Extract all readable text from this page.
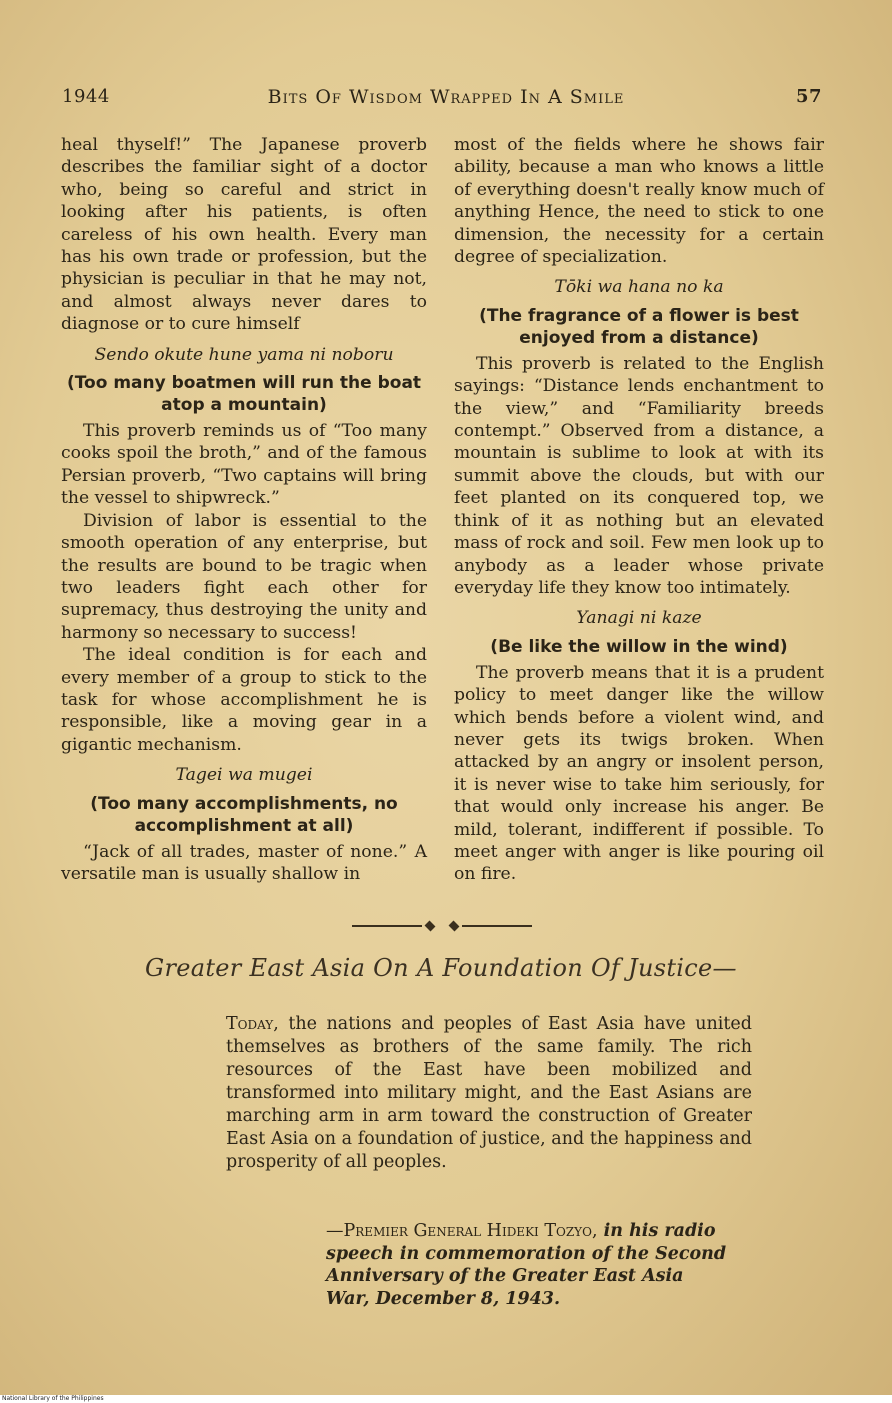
1944	Bits Of Wisdom Wrapped In A Smile	57

heal thyself!” The Japanese proverb describes the familiar sight of a doctor who, being so careful and strict in looking after his patients, is often careless of his own health. Every man has his own trade or profession, but the physician is peculiar in that he may not, and almost always never dares to diagnose or to cure himself

Sendo okute hune yama ni noboru
(Too many boatmen will run the boat atop a mountain)

This proverb reminds us of “Too many cooks spoil the broth,” and of the famous Persian proverb, “Two captains will bring the vessel to shipwreck.”

Division of labor is essential to the smooth operation of any enterprise, but the results are bound to be tragic when two leaders fight each other for supremacy, thus destroying the unity and harmony so necessary to success!

The ideal condition is for each and every member of a group to stick to the task for whose accomplishment he is responsible, like a moving gear in a gigantic mechanism.

Tagei wa mugei
(Too many accomplishments, no accomplishment at all)

“Jack of all trades, master of none.” A versatile man is usually shallow in

most of the fields where he shows fair ability, because a man who knows a little of everything doesn't really know much of anything Hence, the need to stick to one dimension, the necessity for a certain degree of specialization.

Tōki wa hana no ka
(The fragrance of a flower is best enjoyed from a distance)

This proverb is related to the English sayings: “Distance lends enchantment to the view,” and “Familiarity breeds contempt.” Observed from a distance, a mountain is sublime to look at with its summit above the clouds, but with our feet planted on its conquered top, we think of it as nothing but an elevated mass of rock and soil. Few men look up to anybody as a leader whose private everyday life they know too intimately.

Yanagi ni kaze
(Be like the willow in the wind)

The proverb means that it is a prudent policy to meet danger like the willow which bends before a violent wind, and never gets its twigs broken. When attacked by an angry or insolent person, it is never wise to take him seriously, for that would only increase his anger. Be mild, tolerant, indifferent if possible. To meet anger with anger is like pouring oil on fire.

Greater East Asia On A Foundation Of Justice—
Today, the nations and peoples of East Asia have united themselves as brothers of the same family. The rich resources of the East have been mobilized and transformed into military might, and the East Asians are marching arm in arm toward the construction of Greater East Asia on a foundation of justice, and the happiness and prosperity of all peoples.
—Premier General Hideki Tozyo, in his radio speech in commemoration of the Second Anniversary of the Greater East Asia War, December 8, 1943.
National Library of the Philippines
